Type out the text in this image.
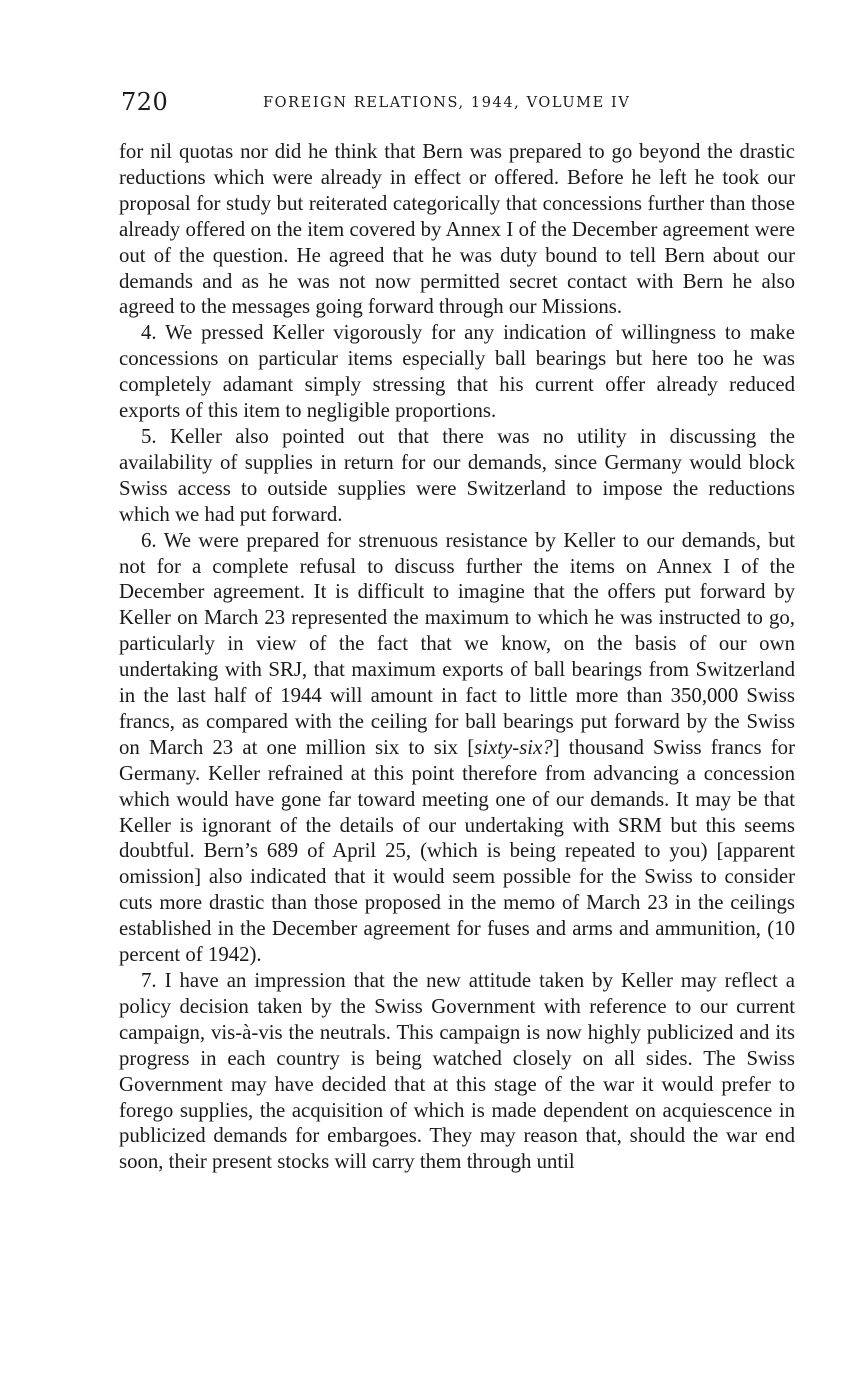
720	FOREIGN RELATIONS, 1944, VOLUME IV

for nil quotas nor did he think that Bern was prepared to go beyond the drastic reductions which were already in effect or offered. Before he left he took our proposal for study but reiterated categorically that concessions further than those already offered on the item covered by Annex I of the December agreement were out of the question. He agreed that he was duty bound to tell Bern about our demands and as he was not now permitted secret contact with Bern he also agreed to the messages going forward through our Missions.

4. We pressed Keller vigorously for any indication of willingness to make concessions on particular items especially ball bearings but here too he was completely adamant simply stressing that his current offer already reduced exports of this item to negligible proportions.

5. Keller also pointed out that there was no utility in discussing the availability of supplies in return for our demands, since Germany would block Swiss access to outside supplies were Switzerland to impose the reductions which we had put forward.

6. We were prepared for strenuous resistance by Keller to our demands, but not for a complete refusal to discuss further the items on Annex I of the December agreement. It is difficult to imagine that the offers put forward by Keller on March 23 represented the maximum to which he was instructed to go, particularly in view of the fact that we know, on the basis of our own undertaking with SRJ, that maximum exports of ball bearings from Switzerland in the last half of 1944 will amount in fact to little more than 350,000 Swiss francs, as compared with the ceiling for ball bearings put forward by the Swiss on March 23 at one million six to six [sixty-six?] thousand Swiss francs for Germany. Keller refrained at this point therefore from advancing a concession which would have gone far toward meeting one of our demands. It may be that Keller is ignorant of the details of our undertaking with SRM but this seems doubtful. Bern’s 689 of April 25, (which is being repeated to you) [apparent omission] also indicated that it would seem possible for the Swiss to consider cuts more drastic than those proposed in the memo of March 23 in the ceilings established in the December agreement for fuses and arms and ammunition, (10 percent of 1942).

7. I have an impression that the new attitude taken by Keller may reflect a policy decision taken by the Swiss Government with reference to our current campaign, vis-à-vis the neutrals. This campaign is now highly publicized and its progress in each country is being watched closely on all sides. The Swiss Government may have decided that at this stage of the war it would prefer to forego supplies, the acquisition of which is made dependent on acquiescence in publicized demands for embargoes. They may reason that, should the war end soon, their present stocks will carry them through until
